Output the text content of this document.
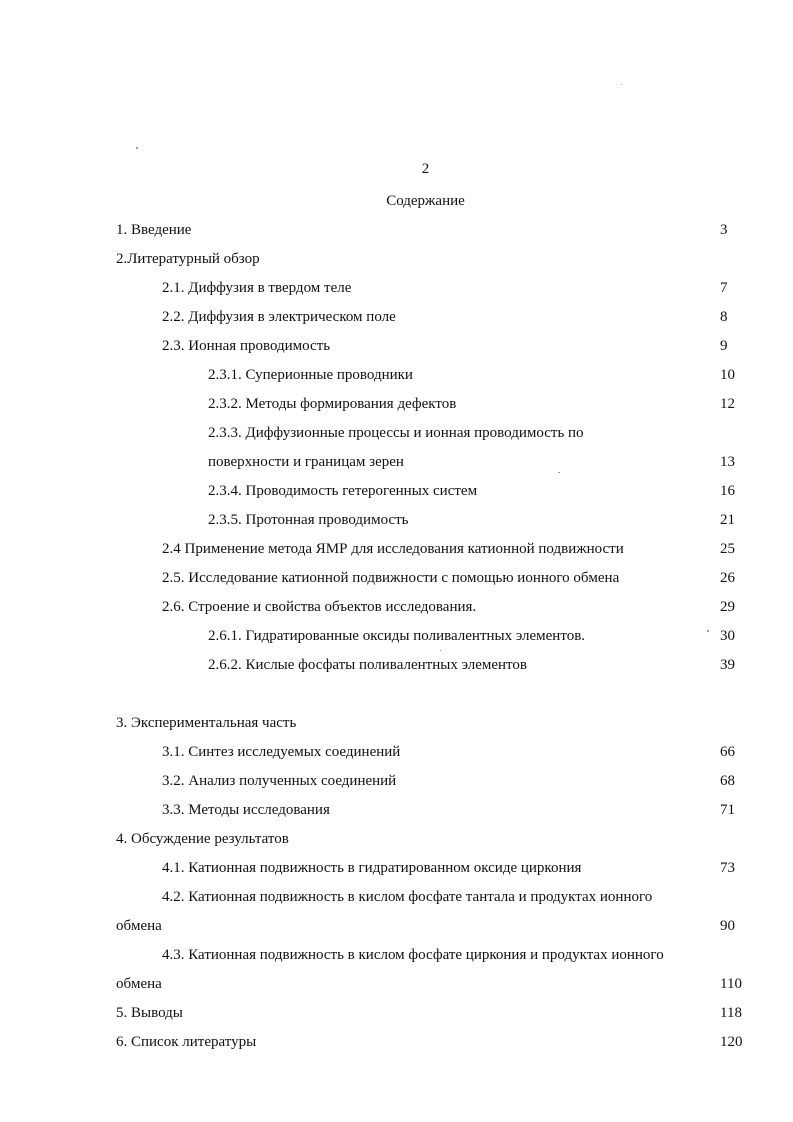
2
Содержание
1. Введение	3
2.Литературный обзор
2.1. Диффузия в твердом теле	7
2.2. Диффузия в электрическом поле	8
2.3. Ионная проводимость	9
2.3.1. Суперионные проводники	10
2.3.2. Методы формирования дефектов	12
2.3.3. Диффузионные процессы и ионная проводимость по
поверхности и границам зерен	13
2.3.4. Проводимость гетерогенных систем	16
2.3.5. Протонная проводимость	21
2.4 Применение метода ЯМР для исследования катионной подвижности	25
2.5. Исследование катионной подвижности с помощью ионного обмена	26
2.6. Строение и свойства объектов исследования.	29
2.6.1. Гидратированные оксиды поливалентных элементов.	30
2.6.2. Кислые фосфаты поливалентных элементов	39
3. Экспериментальная часть
3.1. Синтез исследуемых соединений	66
3.2. Анализ полученных соединений	68
3.3. Методы исследования	71
4. Обсуждение результатов
4.1. Катионная подвижность в гидратированном оксиде циркония	73
4.2. Катионная подвижность в кислом фосфате тантала и продуктах ионного
обмена	90
4.3. Катионная подвижность в кислом фосфате циркония и продуктах ионного
обмена	110
5. Выводы	118
6. Список литературы	120
